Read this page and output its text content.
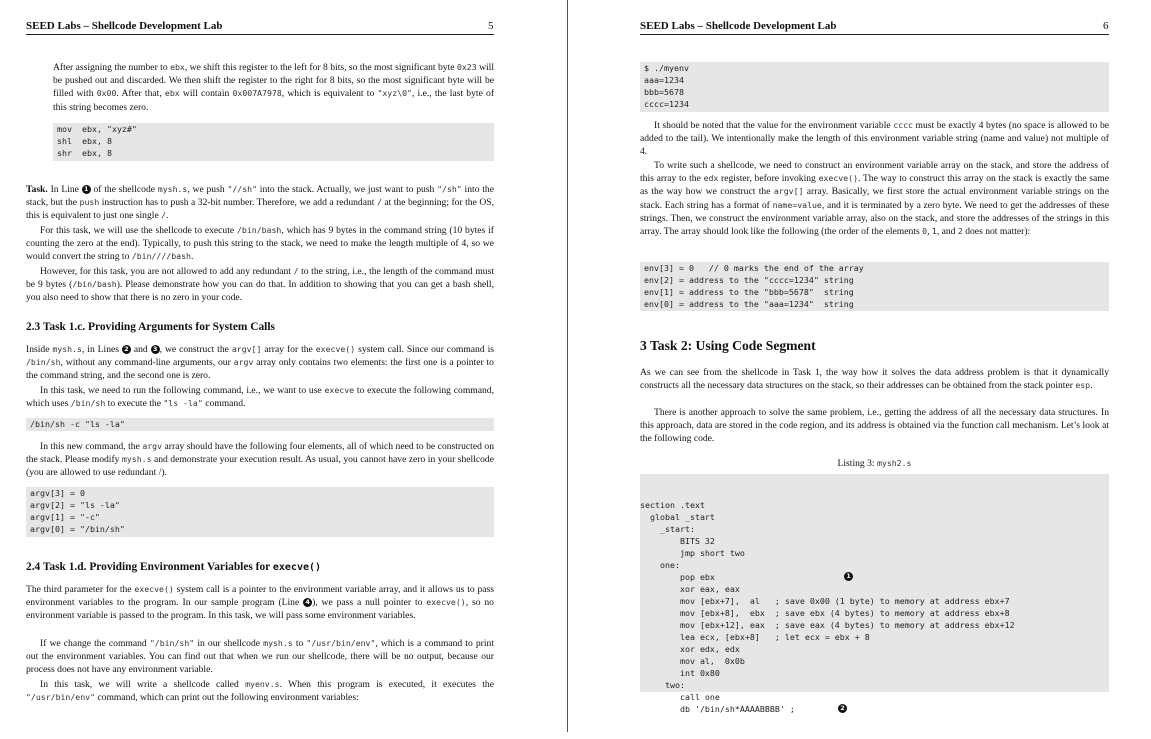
SEED Labs – Shellcode Development Lab	5

After assigning the number to ebx, we shift this register to the left for 8 bits, so the most significant byte 0x23 will be pushed out and discarded. We then shift the register to the right for 8 bits, so the most significant byte will be filled with 0x00. After that, ebx will contain 0x007A7978, which is equivalent to "xyz\0", i.e., the last byte of this string becomes zero.

mov  ebx, "xyz#"
shl  ebx, 8
shr  ebx, 8

Task. In Line 1 of the shellcode mysh.s, we push "//sh" into the stack. Actually, we just want to push "/sh" into the stack, but the push instruction has to push a 32-bit number. Therefore, we add a redundant / at the beginning; for the OS, this is equivalent to just one single /.

For this task, we will use the shellcode to execute /bin/bash, which has 9 bytes in the command string (10 bytes if counting the zero at the end). Typically, to push this string to the stack, we need to make the length multiple of 4, so we would convert the string to /bin////bash.

However, for this task, you are not allowed to add any redundant / to the string, i.e., the length of the command must be 9 bytes (/bin/bash). Please demonstrate how you can do that. In addition to showing that you can get a bash shell, you also need to show that there is no zero in your code.

2.3 Task 1.c. Providing Arguments for System Calls

Inside mysh.s, in Lines 2 and 3 , we construct the argv[] array for the execve() system call. Since our command is /bin/sh, without any command-line arguments, our argv array only contains two elements: the first one is a pointer to the command string, and the second one is zero.

In this task, we need to run the following command, i.e., we want to use execve to execute the following command, which uses /bin/sh to execute the "ls -la" command.

/bin/sh -c "ls -la"

In this new command, the argv array should have the following four elements, all of which need to be constructed on the stack. Please modify mysh.s and demonstrate your execution result. As usual, you cannot have zero in your shellcode (you are allowed to use redundant /).

argv[3] = 0
argv[2] = "ls -la"
argv[1] = "-c"
argv[0] = "/bin/sh"
2.4 Task 1.d. Providing Environment Variables for execve()

The third parameter for the execve() system call is a pointer to the environment variable array, and it allows us to pass environment variables to the program. In our sample program (Line 4 ), we pass a null pointer to execve(), so no environment variable is passed to the program. In this task, we will pass some environment variables.

If we change the command "/bin/sh" in our shellcode mysh.s to "/usr/bin/env", which is a command to print out the environment variables. You can find out that when we run our shellcode, there will be no output, because our process does not have any environment variable.

In this task, we will write a shellcode called myenv.s. When this program is executed, it executes the "/usr/bin/env" command, which can print out the following environment variables:

SEED Labs – Shellcode Development Lab	6
$ ./myenv
aaa=1234
bbb=5678
cccc=1234

It should be noted that the value for the environment variable cccc must be exactly 4 bytes (no space is allowed to be added to the tail). We intentionally make the length of this environment variable string (name and value) not multiple of 4.

To write such a shellcode, we need to construct an environment variable array on the stack, and store the address of this array to the edx register, before invoking execve(). The way to construct this array on the stack is exactly the same as the way how we construct the argv[] array. Basically, we first store the actual environment variable strings on the stack. Each string has a format of name=value, and it is terminated by a zero byte. We need to get the addresses of these strings. Then, we construct the environment variable array, also on the stack, and store the addresses of the strings in this array. The array should look like the following (the order of the elements 0, 1, and 2 does not matter):

env[3] = 0   // 0 marks the end of the array
env[2] = address to the "cccc=1234" string
env[1] = address to the "bbb=5678"  string
env[0] = address to the "aaa=1234"  string
3 Task 2: Using Code Segment

As we can see from the shellcode in Task 1, the way how it solves the data address problem is that it dynamically constructs all the necessary data structures on the stack, so their addresses can be obtained from the stack pointer esp.

There is another approach to solve the same problem, i.e., getting the address of all the necessary data structures. In this approach, data are stored in the code region, and its address is obtained via the function call mechanism. Let’s look at the following code.

Listing 3: mysh2.s

section .text
global _start
_start:
BITS 32
jmp short two
one:
pop ebx	1
xor eax, eax
mov [ebx+7],  al   ; save 0x00 (1 byte) to memory at address ebx+7
mov [ebx+8],  ebx  ; save ebx (4 bytes) to memory at address ebx+8
mov [ebx+12], eax  ; save eax (4 bytes) to memory at address ebx+12
lea ecx, [ebx+8]   ; let ecx = ebx + 8
xor edx, edx
mov al,  0x0b
int 0x80
two:
call one
db '/bin/sh*AAAABBBB' ;	2
